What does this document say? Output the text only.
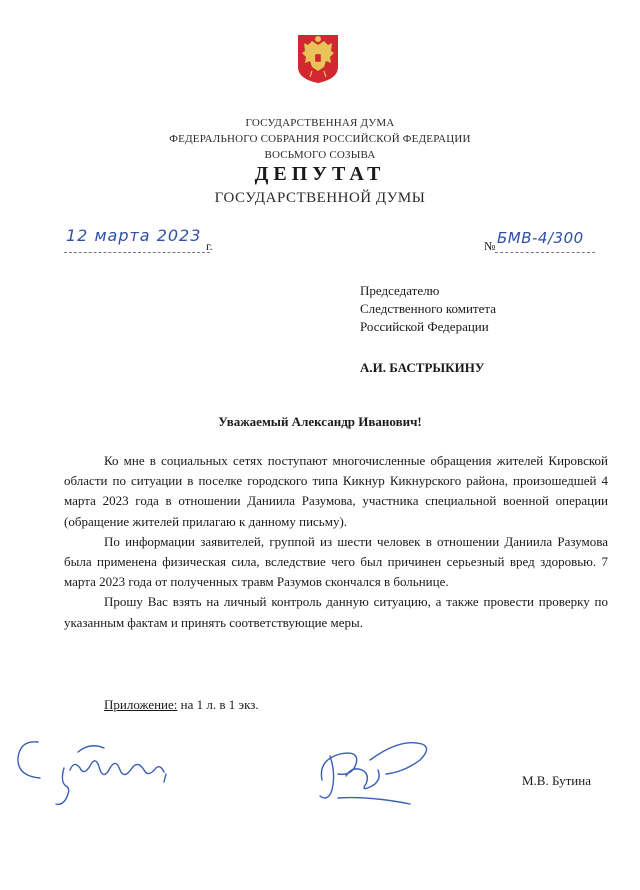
ГОСУДАРСТВЕННАЯ ДУМА
ФЕДЕРАЛЬНОГО СОБРАНИЯ РОССИЙСКОЙ ФЕДЕРАЦИИ
ВОСЬМОГО СОЗЫВА
ДЕПУТАТ
ГОСУДАРСТВЕННОЙ ДУМЫ
12 марта 2023
г.	№ БМВ-4/300
Председателю
Следственного комитета
Российской Федерации
А.И. БАСТРЫКИНУ
Уважаемый Александр Иванович!

Ко мне в социальных сетях поступают многочисленные обращения жителей Кировской области по ситуации в поселке городского типа Кикнур Кикнурского района, произошедшей 4 марта 2023 года в отношении Даниила Разумова, участника специальной военной операции (обращение жителей прилагаю к данному письму).

По информации заявителей, группой из шести человек в отношении Даниила Разумова была применена физическая сила, вследствие чего был причинен серьезный вред здоровью. 7 марта 2023 года от полученных травм Разумов скончался в больнице.

Прошу Вас взять на личный контроль данную ситуацию, а также провести проверку по указанным фактам и принять соответствующие меры.

Приложение: на 1 л. в 1 экз.
М.В. Бутина
